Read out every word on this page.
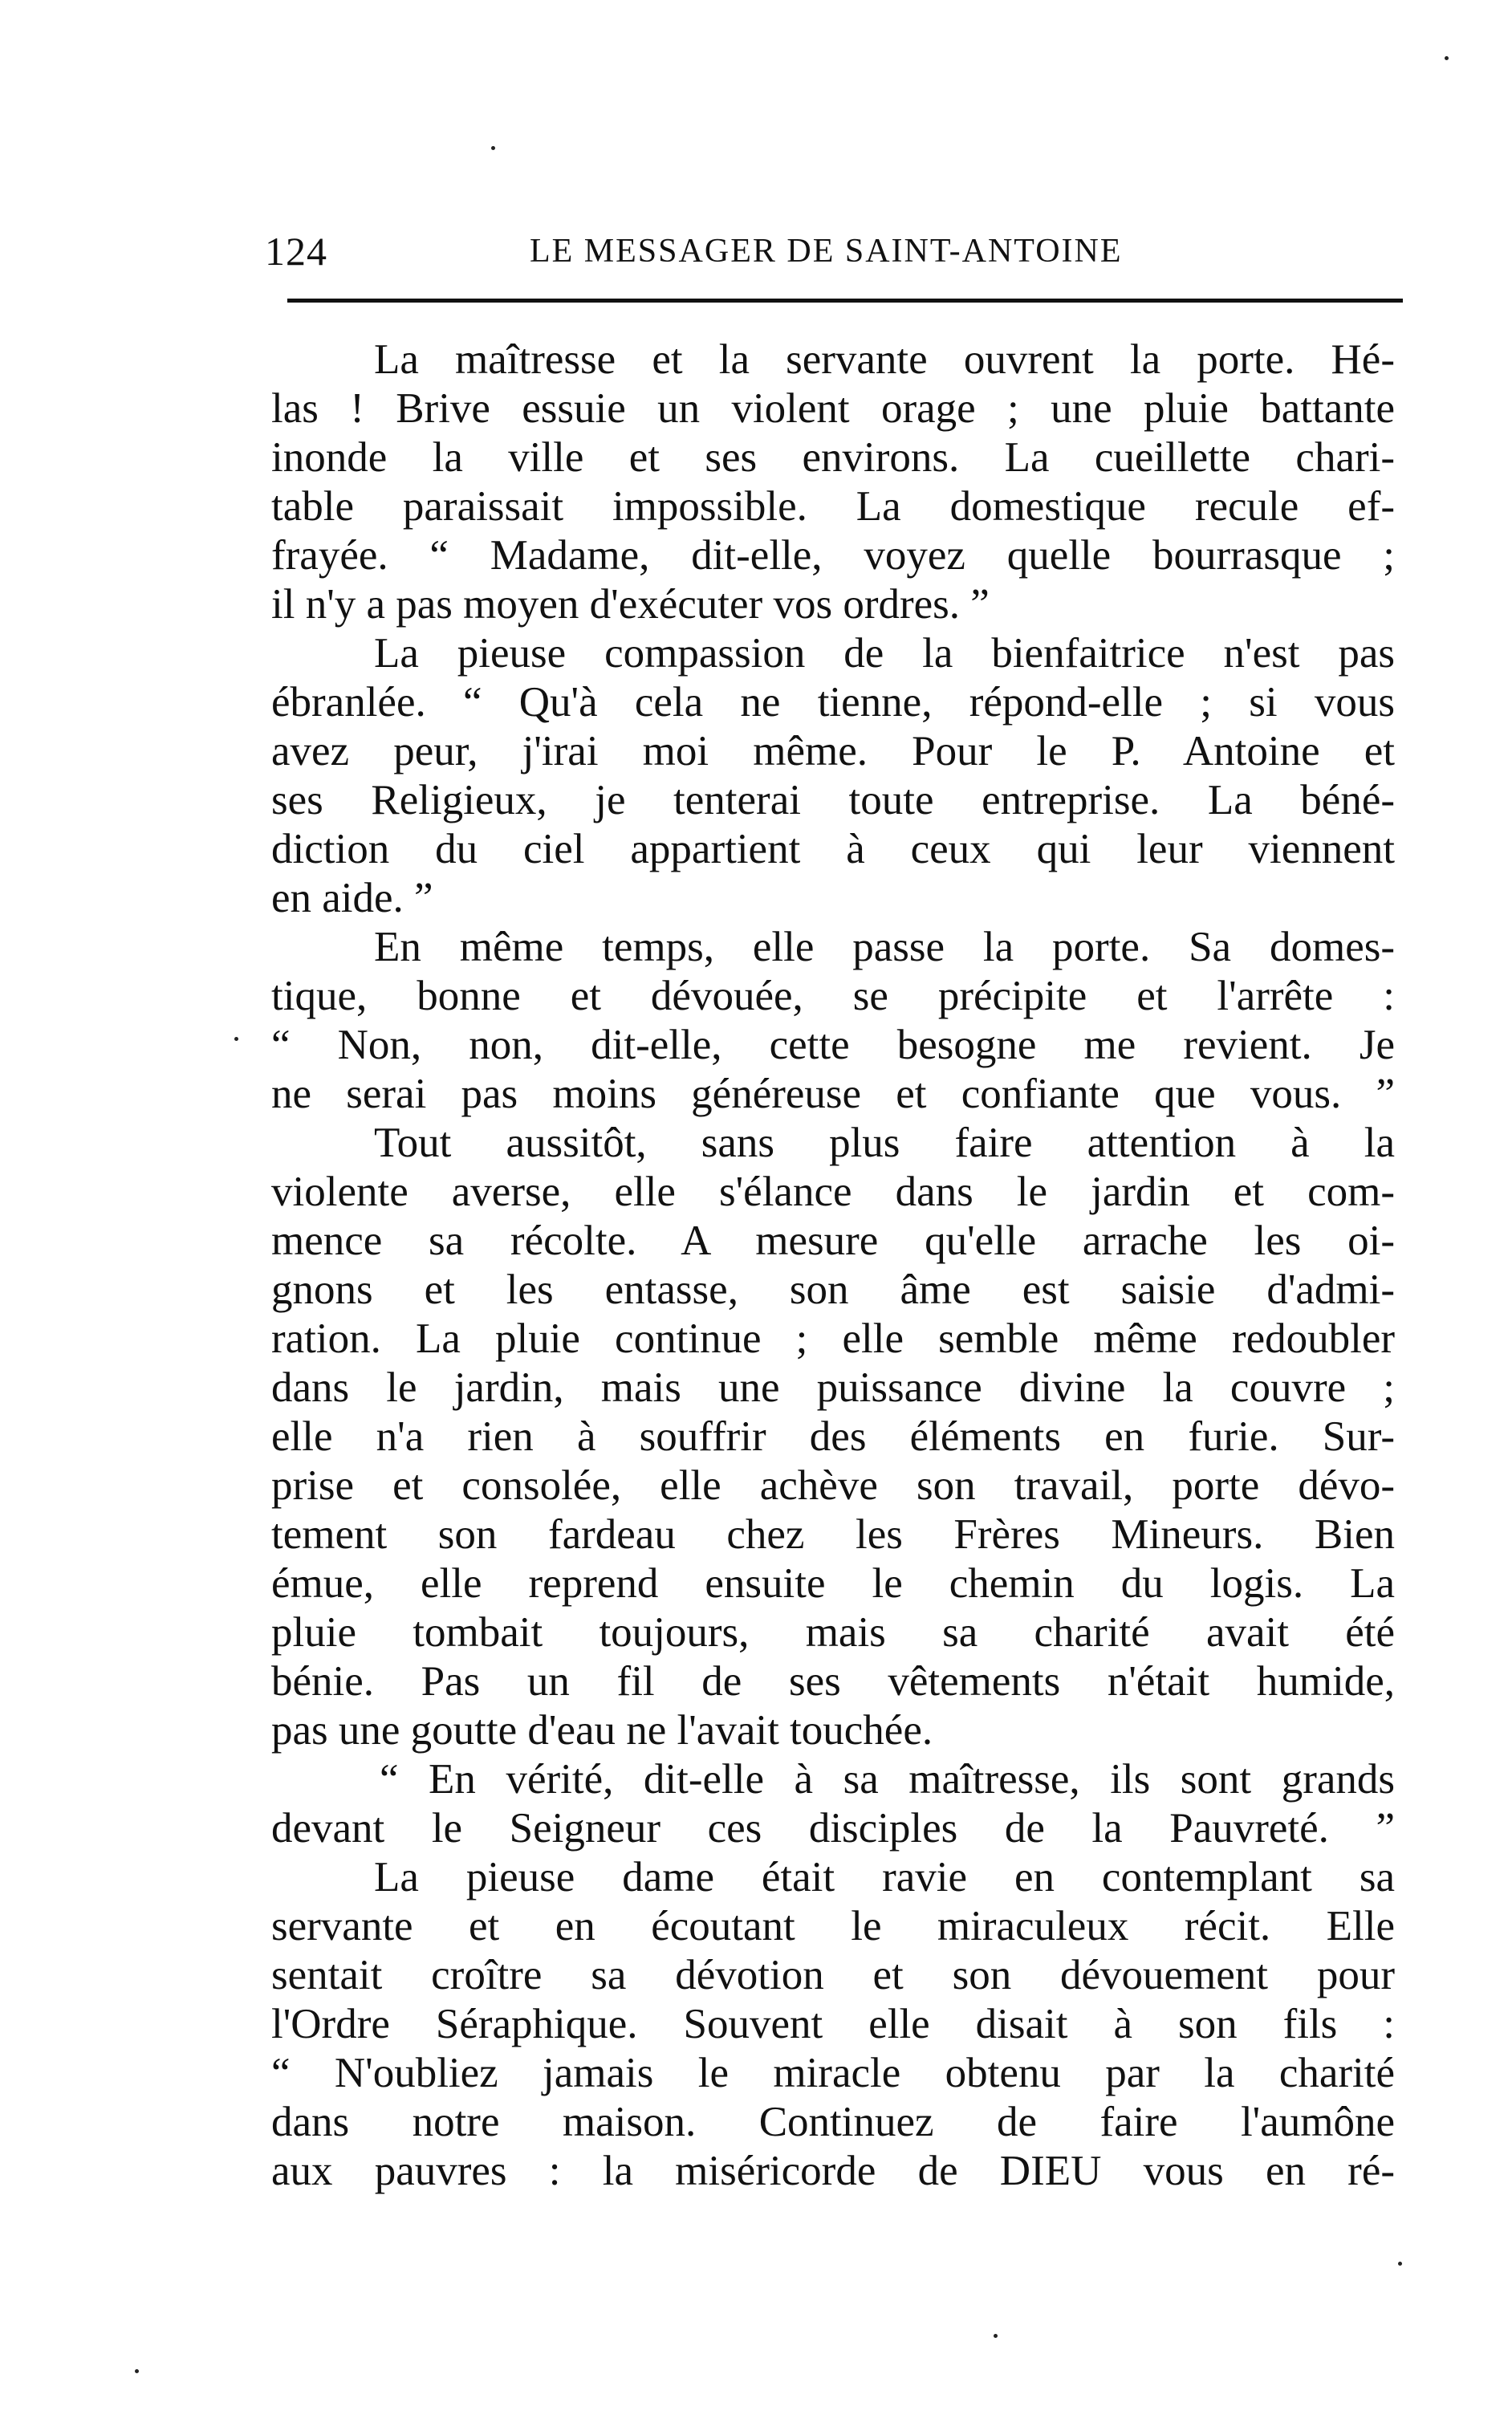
124	LE MESSAGER DE SAINT-ANTOINE
La maîtresse et la servante ouvrent la porte. Hé-
las ! Brive essuie un violent orage ; une pluie battante
inonde la ville et ses environs. La cueillette chari-
table paraissait impossible. La domestique recule ef-
frayée. “ Madame, dit-elle, voyez quelle bourrasque ;
il n'y a pas moyen d'exécuter vos ordres. ”
La pieuse compassion de la bienfaitrice n'est pas
ébranlée. “ Qu'à cela ne tienne, répond-elle ; si vous
avez peur, j'irai moi même. Pour le P. Antoine et
ses Religieux, je tenterai toute entreprise. La béné-
diction du ciel appartient à ceux qui leur viennent
en aide. ”
En même temps, elle passe la porte. Sa domes-
tique, bonne et dévouée, se précipite et l'arrête :
“ Non, non, dit-elle, cette besogne me revient. Je
ne serai pas moins généreuse et confiante que vous. ”
Tout aussitôt, sans plus faire attention à la
violente averse, elle s'élance dans le jardin et com-
mence sa récolte. A mesure qu'elle arrache les oi-
gnons et les entasse, son âme est saisie d'admi-
ration. La pluie continue ; elle semble même redoubler
dans le jardin, mais une puissance divine la couvre ;
elle n'a rien à souffrir des éléments en furie. Sur-
prise et consolée, elle achève son travail, porte dévo-
tement son fardeau chez les Frères Mineurs. Bien
émue, elle reprend ensuite le chemin du logis. La
pluie tombait toujours, mais sa charité avait été
bénie. Pas un fil de ses vêtements n'était humide,
pas une goutte d'eau ne l'avait touchée.
“ En vérité, dit-elle à sa maîtresse, ils sont grands
devant le Seigneur ces disciples de la Pauvreté. ”
La pieuse dame était ravie en contemplant sa
servante et en écoutant le miraculeux récit. Elle
sentait croître sa dévotion et son dévouement pour
l'Ordre Séraphique. Souvent elle disait à son fils :
“ N'oubliez jamais le miracle obtenu par la charité
dans notre maison. Continuez de faire l'aumône
aux pauvres : la miséricorde de DIEU vous en ré-
